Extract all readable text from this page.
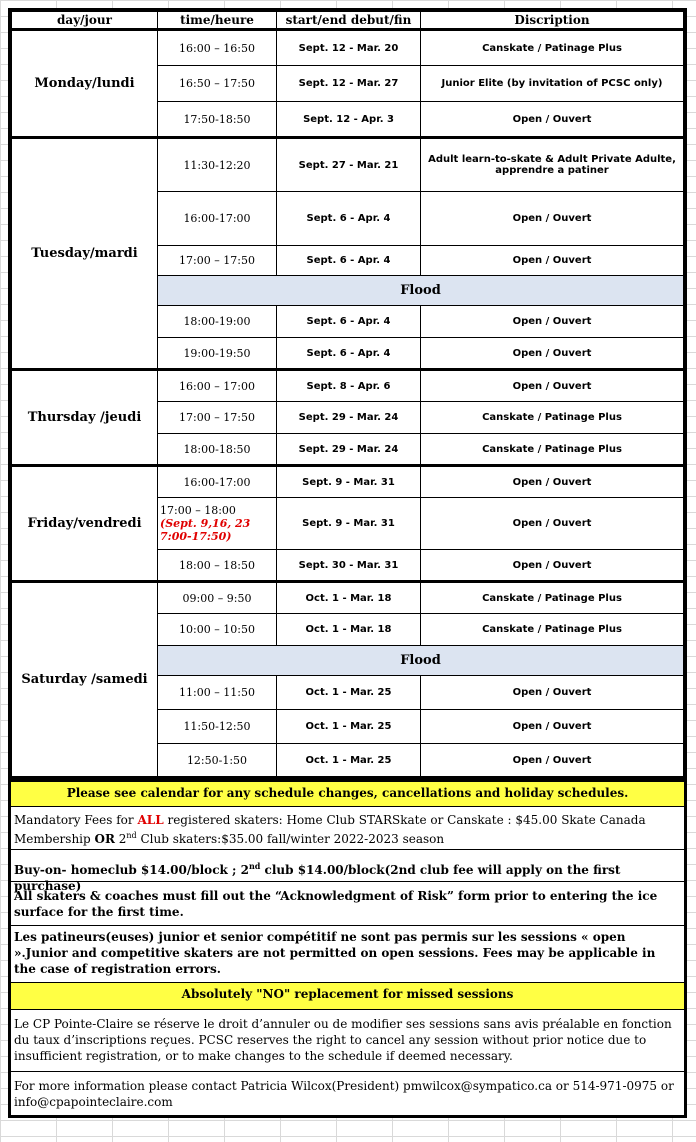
day/jour	time/heure	start/end debut/fin	Discription
Monday/lundi	16:00 – 16:50	Sept. 12 - Mar. 20	Canskate / Patinage Plus
	16:50 – 17:50	Sept. 12 - Mar. 27	Junior Elite (by invitation of PCSC only)
	17:50-18:50	Sept. 12 - Apr. 3	Open / Ouvert
Tuesday/mardi	11:30-12:20	Sept. 27 - Mar. 21	Adult learn-to-skate & Adult Private Adulte, apprendre a patiner
	16:00-17:00	Sept. 6 - Apr. 4	Open / Ouvert
	17:00 – 17:50	Sept. 6 - Apr. 4	Open / Ouvert
	Flood		
	18:00-19:00	Sept. 6 - Apr. 4	Open / Ouvert
	19:00-19:50	Sept. 6 - Apr. 4	Open / Ouvert
Thursday /jeudi	16:00 – 17:00	Sept. 8 - Apr. 6	Open / Ouvert
	17:00 – 17:50	Sept. 29 - Mar. 24	Canskate / Patinage Plus
	18:00-18:50	Sept. 29 - Mar. 24	Canskate / Patinage Plus
Friday/vendredi	16:00-17:00	Sept. 9 - Mar. 31	Open / Ouvert
	17:00 – 18:00 (Sept. 9,16, 23 7:00-17:50)	Sept. 9 - Mar. 31	Open / Ouvert
	18:00 – 18:50	Sept. 30 - Mar. 31	Open / Ouvert
Saturday /samedi	09:00 – 9:50	Oct. 1 - Mar. 18	Canskate / Patinage Plus
	10:00 – 10:50	Oct. 1 - Mar. 18	Canskate / Patinage Plus
	Flood		
	11:00 – 11:50	Oct. 1 - Mar. 25	Open / Ouvert
	11:50-12:50	Oct. 1 - Mar. 25	Open / Ouvert
	12:50-1:50	Oct. 1 - Mar. 25	Open / Ouvert
Please see calendar for any schedule changes, cancellations and holiday schedules.
Mandatory Fees for ALL registered skaters: Home Club STARSkate or Canskate : $45.00 Skate Canada Membership OR 2nd Club skaters:$35.00 fall/winter 2022-2023 season
Buy-on- homeclub $14.00/block ; 2nd club $14.00/block(2nd club fee will apply on the first purchase)
All skaters & coaches must fill out the “Acknowledgment of Risk” form prior to entering the ice surface for the first time.
Les patineurs(euses) junior et senior compétitif ne sont pas permis sur les sessions « open ».Junior and competitive skaters are not permitted on open sessions. Fees may be applicable in the case of registration errors.
Absolutely "NO" replacement for missed sessions
Le CP Pointe-Claire se réserve le droit d’annuler ou de modifier ses sessions sans avis préalable en fonction du taux d’inscriptions reçues. PCSC reserves the right to cancel any session without prior notice due to insufficient registration, or to make changes to the schedule if deemed necessary.
For more information please contact Patricia Wilcox(President) pmwilcox@sympatico.ca or 514-971-0975 or info@cpapointeclaire.com
